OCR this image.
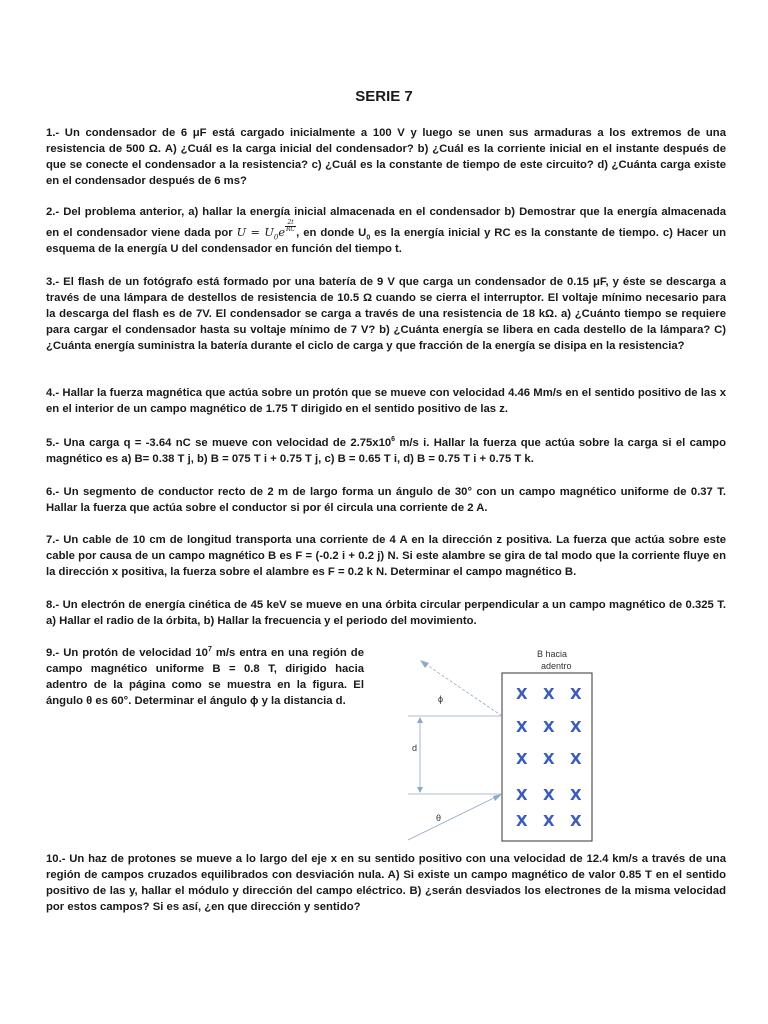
SERIE 7

1.- Un condensador de 6 μF está cargado inicialmente a 100 V y luego se unen sus armaduras a los extremos de una resistencia de 500 Ω. A) ¿Cuál es la carga inicial del condensador? b) ¿Cuál es la corriente inicial en el instante después de que se conecte el condensador a la resistencia? c) ¿Cuál es la constante de tiempo de este circuito? d) ¿Cuánta carga existe en el condensador después de 6 ms?

2.- Del problema anterior, a) hallar la energía inicial almacenada en el condensador b) Demostrar que la energía almacenada en el condensador viene dada por $U = U_0e \frac{2t}{RC}$ , en donde $U_0$ es la energía inicial y RC es la constante de tiempo. c) Hacer un esquema de la energía U del condensador en función del tiempo t.

3.- El flash de un fotógrafo está formado por una batería de 9 V que carga un condensador de 0.15 μF, y éste se descarga a través de una lámpara de destellos de resistencia de 10.5 Ω cuando se cierra el interruptor. El voltaje mínimo necesario para la descarga del flash es de 7V. El condensador se carga a través de una resistencia de 18 kΩ. a) ¿Cuánto tiempo se requiere para cargar el condensador hasta su voltaje mínimo de 7 V? b) ¿Cuánta energía se libera en cada destello de la lámpara? C) ¿Cuánta energía suministra la batería durante el ciclo de carga y que fracción de la energía se disipa en la resistencia?

4.- Hallar la fuerza magnética que actúa sobre un protón que se mueve con velocidad 4.46 Mm/s en el sentido positivo de las x en el interior de un campo magnético de 1.75 T dirigido en el sentido positivo de las z.

5.- Una carga q = -3.64 nC se mueve con velocidad de $2.75x10^6$ m/s i. Hallar la fuerza que actúa sobre la carga si el campo magnético es a) B= 0.38 T j, b) B = 075 T i + 0.75 T j, c) B = 0.65 T i, d) B = 0.75 T i + 0.75 T k.

6.- Un segmento de conductor recto de 2 m de largo forma un ángulo de 30° con un campo magnético uniforme de 0.37 T. Hallar la fuerza que actúa sobre el conductor si por él circula una corriente de 2 A.

7.- Un cable de 10 cm de longitud transporta una corriente de 4 A en la dirección z positiva. La fuerza que actúa sobre este cable por causa de un campo magnético B es F = (-0.2 i + 0.2 j) N. Si este alambre se gira de tal modo que la corriente fluye en la dirección x positiva, la fuerza sobre el alambre es F = 0.2 k N. Determinar el campo magnético B.

8.- Un electrón de energía cinética de 45 keV se mueve en una órbita circular perpendicular a un campo magnético de 0.325 T. a) Hallar el radio de la órbita, b) Hallar la frecuencia y el periodo del movimiento.

9.- Un protón de velocidad $10^7$ m/s entra en una región de campo magnético uniforme B = 0.8 T, dirigido hacia adentro de la página como se muestra en la figura. El ángulo θ es 60°. Determinar el ángulo ϕ y la distancia d.

B hacia
adentro
ϕ
θ
d
X X X
X X X
X X X
X X X
X X X

10.- Un haz de protones se mueve a lo largo del eje x en su sentido positivo con una velocidad de 12.4 km/s a través de una región de campos cruzados equilibrados con desviación nula. A) Si existe un campo magnético de valor 0.85 T en el sentido positivo de las y, hallar el módulo y dirección del campo eléctrico. B) ¿serán desviados los electrones de la misma velocidad por estos campos? Si es así, ¿en que dirección y sentido?
